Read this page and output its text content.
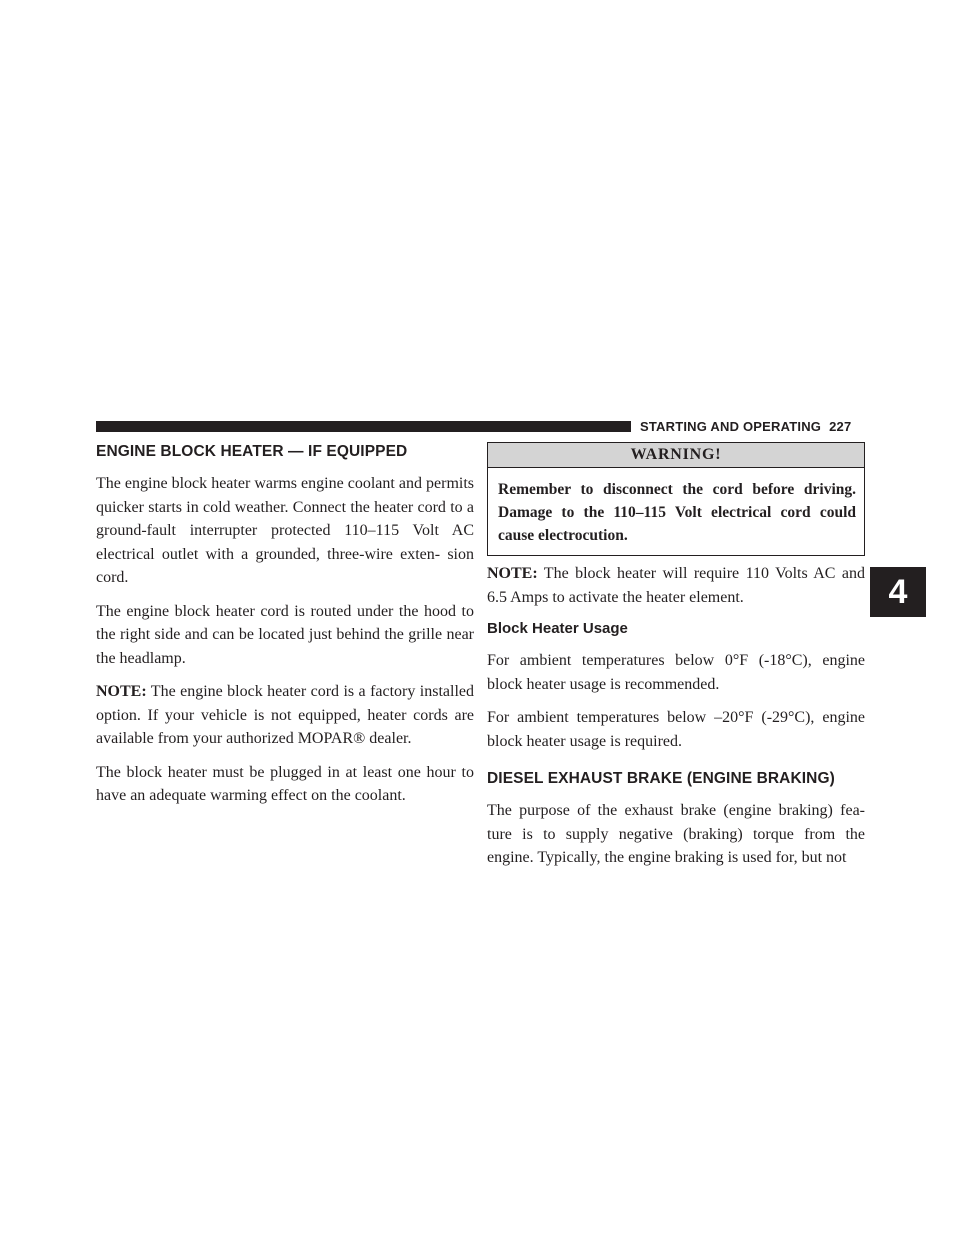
STARTING AND OPERATING 227
4
ENGINE BLOCK HEATER — IF EQUIPPED

The engine block heater warms engine coolant and permits quicker starts in cold weather. Connect the heater cord to a ground-fault interrupter protected 110–115 Volt AC electrical outlet with a grounded, three-wire exten- sion cord.

The engine block heater cord is routed under the hood to the right side and can be located just behind the grille near the headlamp.

NOTE: The engine block heater cord is a factory installed option. If your vehicle is not equipped, heater cords are available from your authorized MOPAR® dealer.

The block heater must be plugged in at least one hour to have an adequate warming effect on the coolant.

WARNING!
Remember to disconnect the cord before driving. Damage to the 110–115 Volt electrical cord could cause electrocution.

NOTE: The block heater will require 110 Volts AC and 6.5 Amps to activate the heater element.

Block Heater Usage

For ambient temperatures below 0°F (-18°C), engine block heater usage is recommended.

For ambient temperatures below –20°F (-29°C), engine block heater usage is required.

DIESEL EXHAUST BRAKE (ENGINE BRAKING)

The purpose of the exhaust brake (engine braking) fea- ture is to supply negative (braking) torque from the engine. Typically, the engine braking is used for, but not
